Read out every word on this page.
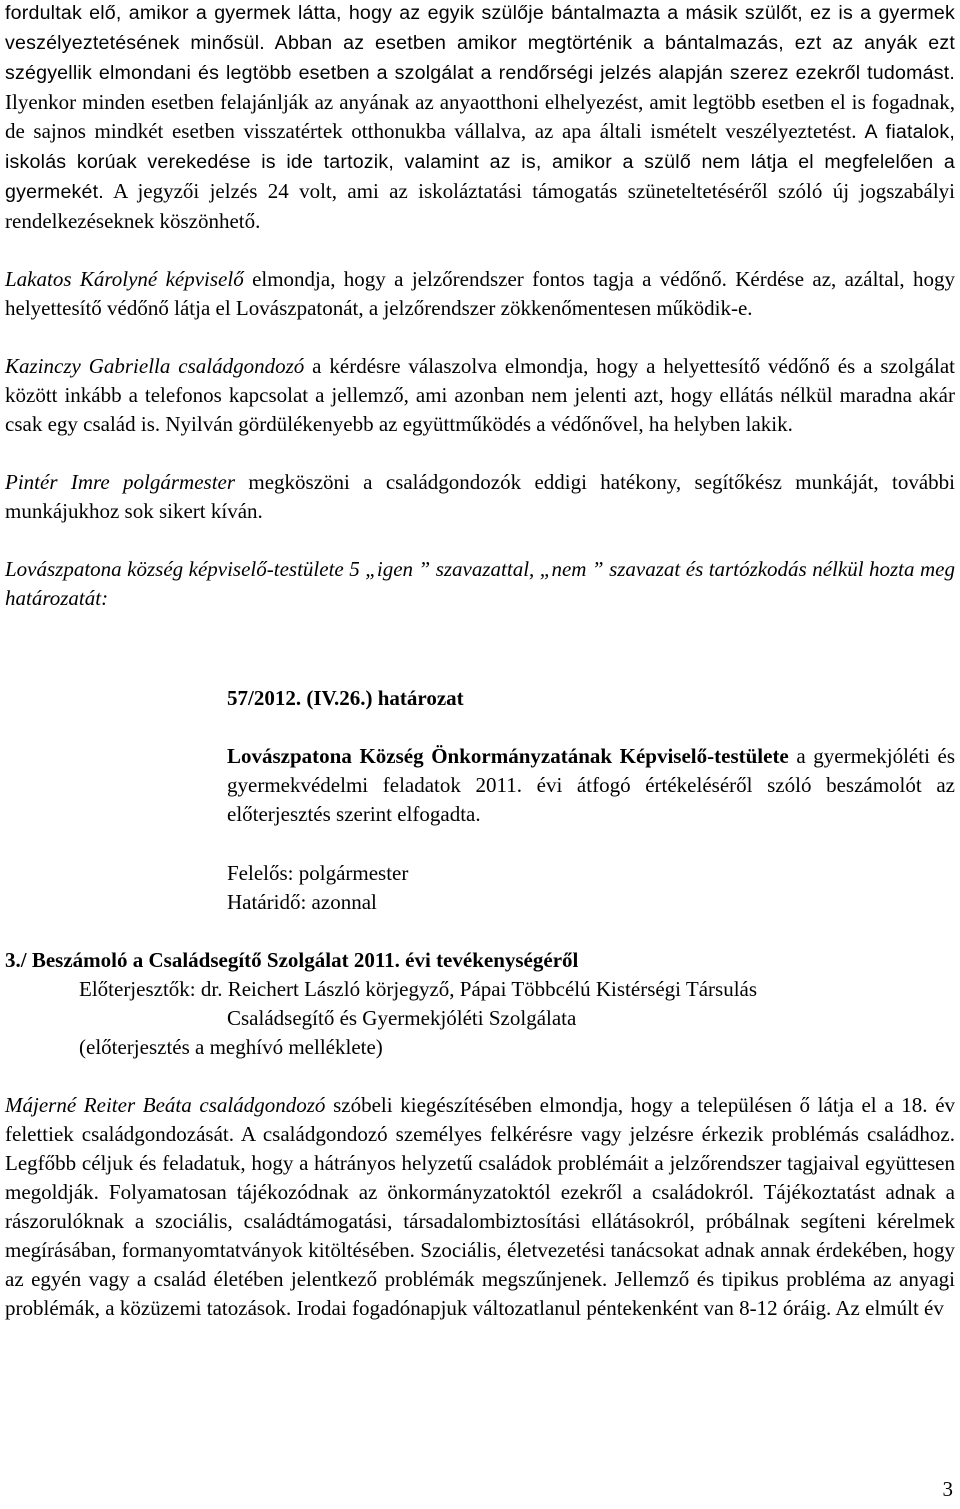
fordultak elő, amikor a gyermek látta, hogy az egyik szülője bántalmazta a másik szülőt, ez is a gyermek veszélyeztetésének minősül. Abban az esetben amikor megtörténik a bántalmazás, ezt az anyák ezt szégyellik elmondani és legtöbb esetben a szolgálat a rendőrségi jelzés alapján szerez ezekről tudomást. Ilyenkor minden esetben felajánlják az anyának az anyaotthoni elhelyezést, amit legtöbb esetben el is fogadnak, de sajnos mindkét esetben visszatértek otthonukba vállalva, az apa általi ismételt veszélyeztetést. A fiatalok, iskolás korúak verekedése is ide tartozik, valamint az is, amikor a szülő nem látja el megfelelően a gyermekét. A jegyzői jelzés 24 volt, ami az iskoláztatási támogatás szüneteltetéséről szóló új jogszabályi rendelkezéseknek köszönhető.

Lakatos Károlyné képviselő elmondja, hogy a jelzőrendszer fontos tagja a védőnő. Kérdése az, azáltal, hogy helyettesítő védőnő látja el Lovászpatonát, a jelzőrendszer zökkenőmentesen működik-e.

Kazinczy Gabriella családgondozó a kérdésre válaszolva elmondja, hogy a helyettesítő védőnő és a szolgálat között inkább a telefonos kapcsolat a jellemző, ami azonban nem jelenti azt, hogy ellátás nélkül maradna akár csak egy család is. Nyilván gördülékenyebb az együttműködés a védőnővel, ha helyben lakik.

Pintér Imre polgármester megköszöni a családgondozók eddigi hatékony, segítőkész munkáját, további munkájukhoz sok sikert kíván.

Lovászpatona község képviselő-testülete 5 „igen ” szavazattal, „nem ” szavazat és tartózkodás nélkül hozta meg határozatát:

57/2012. (IV.26.) határozat

Lovászpatona Község Önkormányzatának Képviselő-testülete a gyermekjóléti és gyermekvédelmi feladatok 2011. évi átfogó értékeléséről szóló beszámolót az előterjesztés szerint elfogadta.

Felelős: polgármester

Határidő: azonnal

3./ Beszámoló a Családsegítő Szolgálat 2011. évi tevékenységéről

Előterjesztők: dr. Reichert László körjegyző, Pápai Többcélú Kistérségi Társulás

Családsegítő és Gyermekjóléti Szolgálata

(előterjesztés a meghívó melléklete)

Májerné Reiter Beáta családgondozó szóbeli kiegészítésében elmondja, hogy a településen ő látja el a 18. év felettiek családgondozását. A családgondozó személyes felkérésre vagy jelzésre érkezik problémás családhoz. Legfőbb céljuk és feladatuk, hogy a hátrányos helyzetű családok problémáit a jelzőrendszer tagjaival együttesen megoldják. Folyamatosan tájékozódnak az önkormányzatoktól ezekről a családokról. Tájékoztatást adnak a rászorulóknak a szociális, családtámogatási, társadalombiztosítási ellátásokról, próbálnak segíteni kérelmek megírásában, formanyomtatványok kitöltésében. Szociális, életvezetési tanácsokat adnak annak érdekében, hogy az egyén vagy a család életében jelentkező problémák megszűnjenek. Jellemző és tipikus probléma az anyagi problémák, a közüzemi tatozások. Irodai fogadónapjuk változatlanul péntekenként van 8-12 óráig. Az elmúlt év

3
